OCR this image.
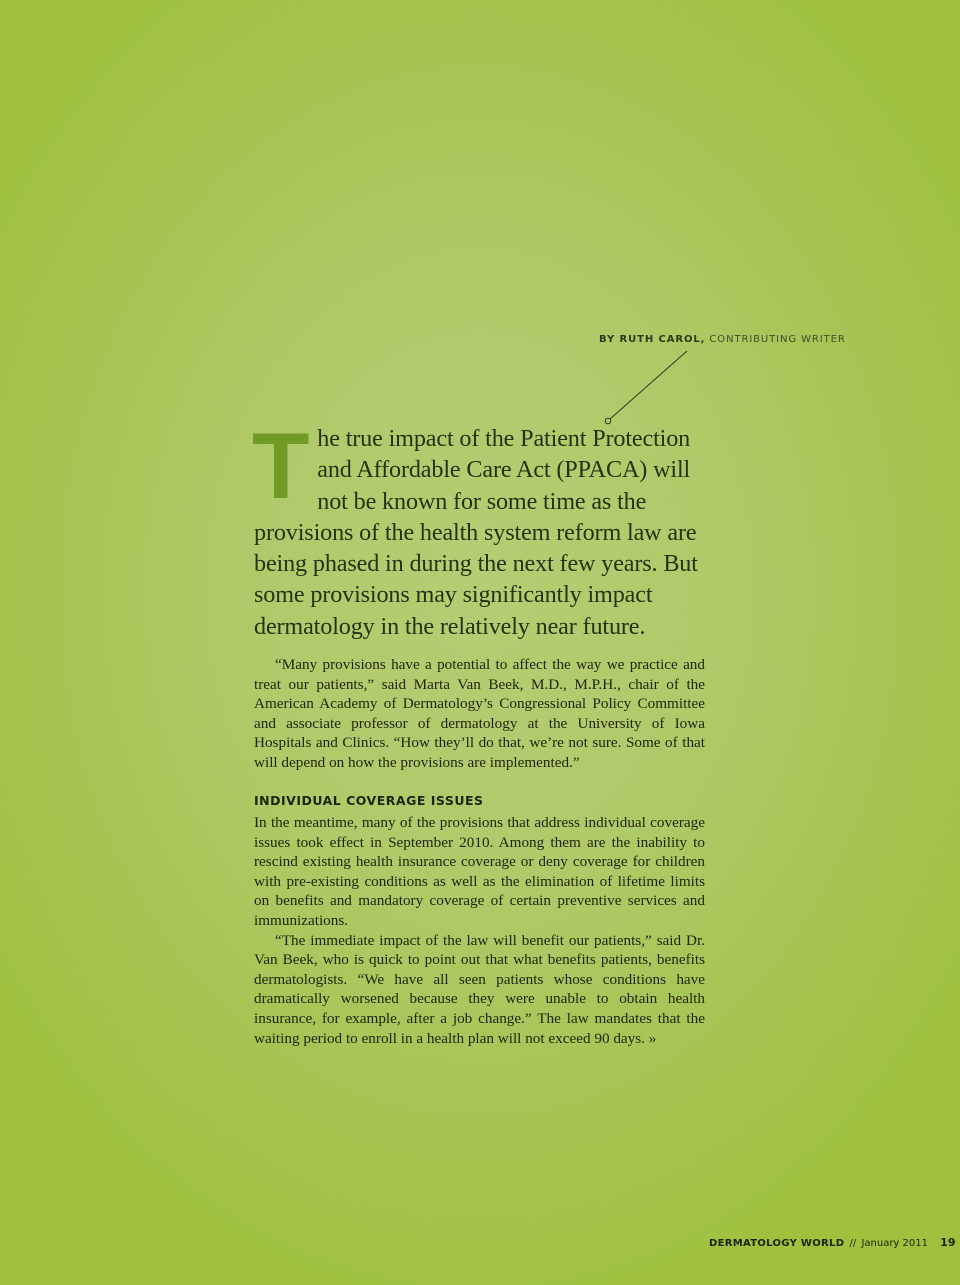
BY RUTH CAROL, CONTRIBUTING WRITER

T he true impact of the Patient Protection and Affordable Care Act (PPACA) will not be known for some time as the provisions of the health system reform law are being phased in during the next few years. But some provisions may significantly impact dermatology in the relatively near future.

“Many provisions have a potential to affect the way we practice and treat our patients,” said Marta Van Beek, M.D., M.P.H., chair of the American Academy of Dermatology’s Congressional Policy Committee and associate professor of dermatology at the University of Iowa Hospitals and Clinics. “How they’ll do that, we’re not sure. Some of that will depend on how the provisions are implemented.”

INDIVIDUAL COVERAGE ISSUES

In the meantime, many of the provisions that address individual coverage issues took effect in September 2010. Among them are the inability to rescind existing health insurance coverage or deny coverage for children with pre-existing conditions as well as the elimination of lifetime limits on benefits and mandatory coverage of certain preventive services and immunizations.

“The immediate impact of the law will benefit our patients,” said Dr. Van Beek, who is quick to point out that what benefits patients, benefits dermatologists. “We have all seen patients whose conditions have dramatically worsened because they were unable to obtain health insurance, for example, after a job change.” The law mandates that the waiting period to enroll in a health plan will not exceed 90 days. »

DERMATOLOGY WORLD // January 2011 19
